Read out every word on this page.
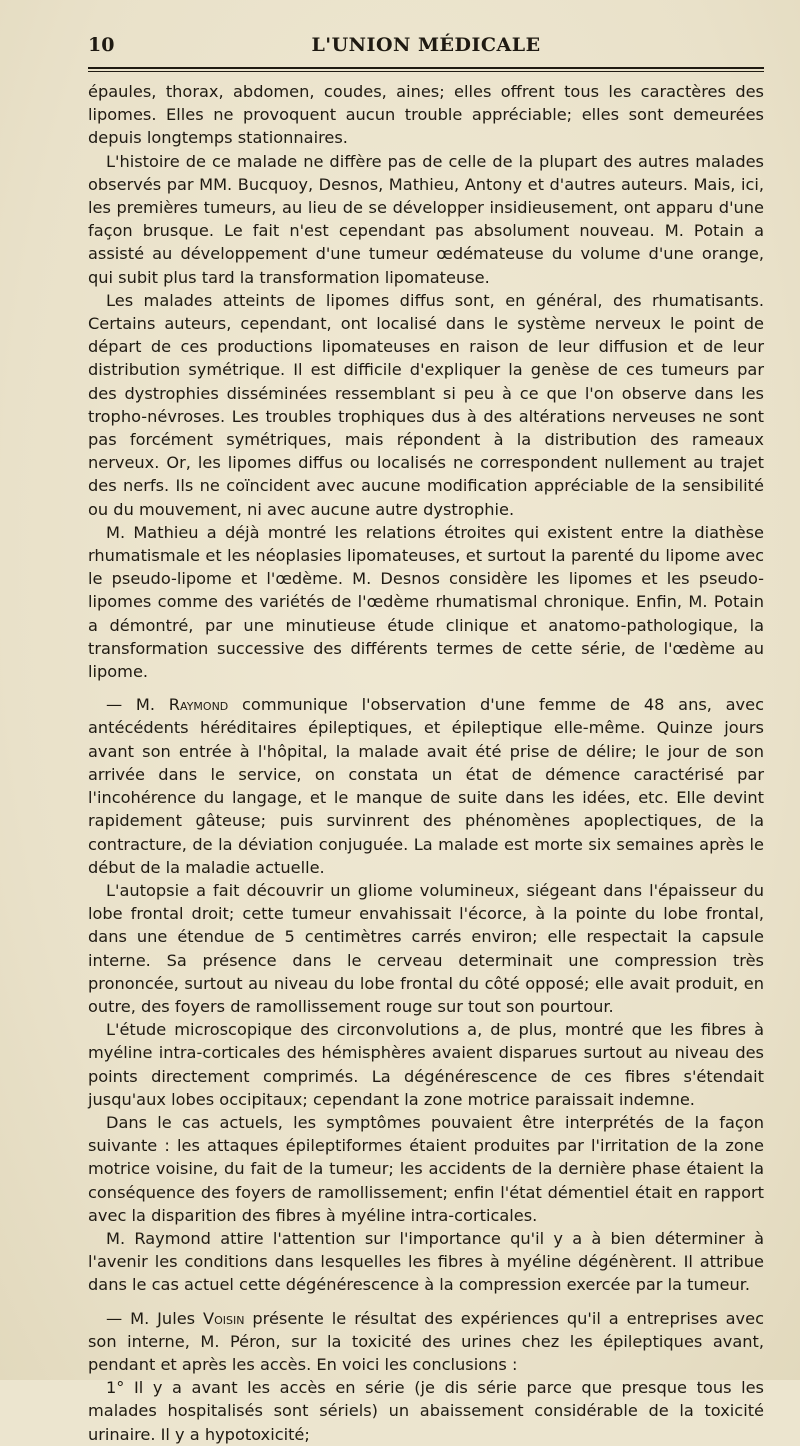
10	L'UNION MÉDICALE

épaules, thorax, abdomen, coudes, aines; elles offrent tous les caractères des lipomes. Elles ne provoquent aucun trouble appréciable; elles sont demeurées depuis longtemps stationnaires.

L'histoire de ce malade ne diffère pas de celle de la plupart des autres malades observés par MM. Bucquoy, Desnos, Mathieu, Antony et d'autres auteurs. Mais, ici, les premières tumeurs, au lieu de se développer insidieusement, ont apparu d'une façon brusque. Le fait n'est cependant pas absolument nouveau. M. Potain a assisté au développement d'une tumeur œdémateuse du volume d'une orange, qui subit plus tard la transformation lipomateuse.

Les malades atteints de lipomes diffus sont, en général, des rhumatisants. Certains auteurs, cependant, ont localisé dans le système nerveux le point de départ de ces productions lipomateuses en raison de leur diffusion et de leur distribution symétrique. Il est difficile d'expliquer la genèse de ces tumeurs par des dystrophies disséminées ressemblant si peu à ce que l'on observe dans les tropho-névroses. Les troubles trophiques dus à des altérations nerveuses ne sont pas forcément symétriques, mais répondent à la distribution des rameaux nerveux. Or, les lipomes diffus ou localisés ne correspondent nullement au trajet des nerfs. Ils ne coïncident avec aucune modification appréciable de la sensibilité ou du mouvement, ni avec aucune autre dystrophie.

M. Mathieu a déjà montré les relations étroites qui existent entre la diathèse rhumatismale et les néoplasies lipomateuses, et surtout la parenté du lipome avec le pseudo-lipome et l'œdème. M. Desnos considère les lipomes et les pseudo-lipomes comme des variétés de l'œdème rhumatismal chronique. Enfin, M. Potain a démontré, par une minutieuse étude clinique et anatomo-pathologique, la transformation successive des différents termes de cette série, de l'œdème au lipome.

— M. Raymond communique l'observation d'une femme de 48 ans, avec antécédents héréditaires épileptiques, et épileptique elle-même. Quinze jours avant son entrée à l'hôpital, la malade avait été prise de délire; le jour de son arrivée dans le service, on constata un état de démence caractérisé par l'incohérence du langage, et le manque de suite dans les idées, etc. Elle devint rapidement gâteuse; puis survinrent des phénomènes apoplectiques, de la contracture, de la déviation conjuguée. La malade est morte six semaines après le début de la maladie actuelle.

L'autopsie a fait découvrir un gliome volumineux, siégeant dans l'épaisseur du lobe frontal droit; cette tumeur envahissait l'écorce, à la pointe du lobe frontal, dans une étendue de 5 centimètres carrés environ; elle respectait la capsule interne. Sa présence dans le cerveau determinait une compression très prononcée, surtout au niveau du lobe frontal du côté opposé; elle avait produit, en outre, des foyers de ramollissement rouge sur tout son pourtour.

L'étude microscopique des circonvolutions a, de plus, montré que les fibres à myéline intra-corticales des hémisphères avaient disparues surtout au niveau des points directement comprimés. La dégénérescence de ces fibres s'étendait jusqu'aux lobes occipitaux; cependant la zone motrice paraissait indemne.

Dans le cas actuels, les symptômes pouvaient être interprétés de la façon suivante : les attaques épileptiformes étaient produites par l'irritation de la zone motrice voisine, du fait de la tumeur; les accidents de la dernière phase étaient la conséquence des foyers de ramollissement; enfin l'état démentiel était en rapport avec la disparition des fibres à myéline intra-corticales.

M. Raymond attire l'attention sur l'importance qu'il y a à bien déterminer à l'avenir les conditions dans lesquelles les fibres à myéline dégénèrent. Il attribue dans le cas actuel cette dégénérescence à la compression exercée par la tumeur.

— M. Jules Voisin présente le résultat des expériences qu'il a entreprises avec son interne, M. Péron, sur la toxicité des urines chez les épileptiques avant, pendant et après les accès. En voici les conclusions :

1° Il y a avant les accès en série (je dis série parce que presque tous les malades hospitalisés sont sériels) un abaissement considérable de la toxicité urinaire. Il y a hypotoxicité;
